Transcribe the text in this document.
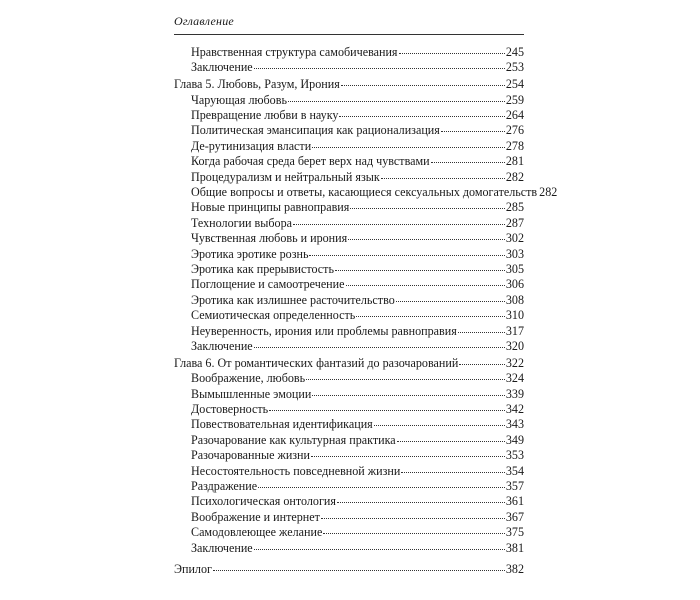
Оглавление
Нравственная структура самобичевания	245
Заключение	253
Глава 5. Любовь, Разум, Ирония	254
Чарующая любовь	259
Превращение любви в науку	264
Политическая эмансипация как рационализация	276
Де-рутинизация власти	278
Когда рабочая среда берет верх над чувствами	281
Процедурализм и нейтральный язык	282
Общие вопросы и ответы, касающиеся сексуальных домогательств 282
Новые принципы равноправия	285
Технологии выбора	287
Чувственная любовь и ирония	302
Эротика эротике рознь	303
Эротика как прерывистость	305
Поглощение и самоотречение	306
Эротика как излишнее расточительство	308
Семиотическая определенность	310
Неуверенность, ирония или проблемы равноправия	317
Заключение	320
Глава 6. От романтических фантазий до разочарований	322
Воображение, любовь	324
Вымышленные эмоции	339
Достоверность	342
Повествовательная идентификация	343
Разочарование как культурная практика	349
Разочарованные жизни	353
Несостоятельность повседневной жизни	354
Раздражение	357
Психологическая онтология	361
Воображение и интернет	367
Самодовлеющее желание	375
Заключение	381
Эпилог	382
